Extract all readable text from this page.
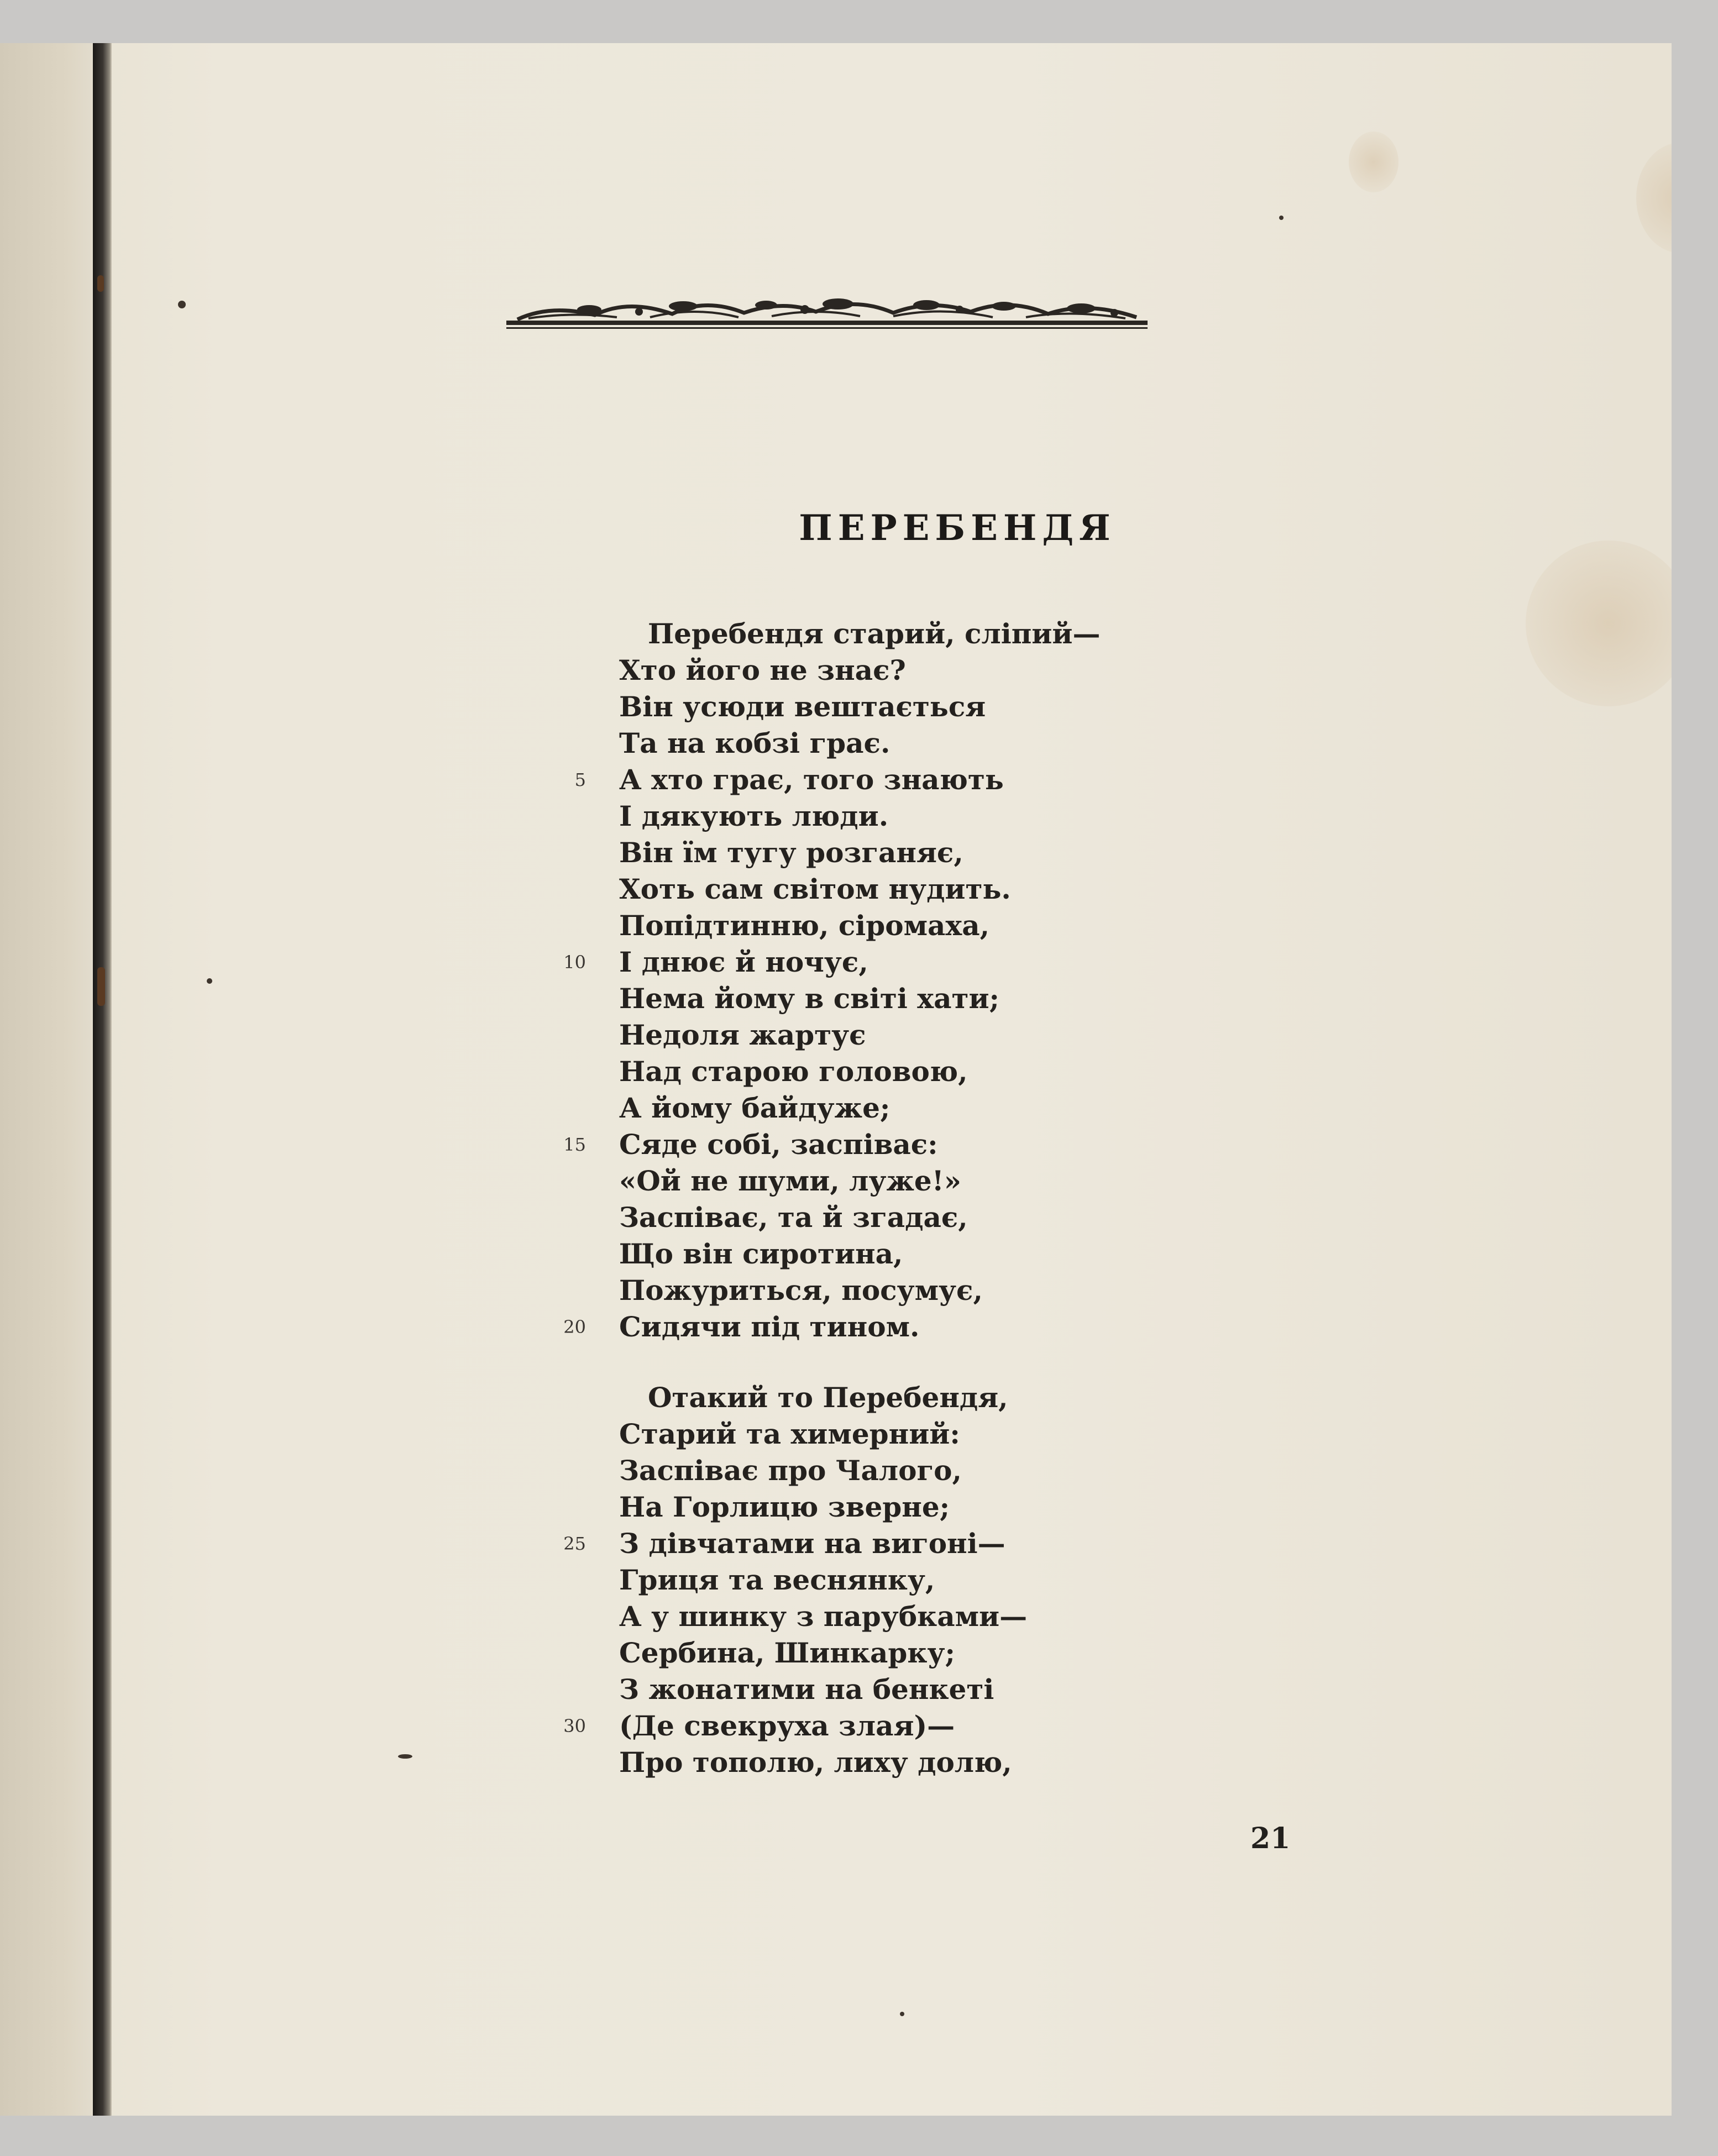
ПЕРЕБЕНДЯ
Перебендя старий, сліпий—
Хто його не знає?
Він усюди вештається
Та на кобзі грає.
А хто грає, того знають
5
І дякують люди.
Він їм тугу розганяє,
Хоть сам світом нудить.
Попідтинню, сіромаха,
І днює й ночує,
10
Нема йому в світі хати;
Недоля жартує
Над старою головою,
А йому байдуже;
Сяде собі, заспіває:
15
«Ой не шуми, луже!»
Заспіває, та й згадає,
Що він сиротина,
Пожуриться, посумує,
Сидячи під тином.
20
Отакий то Перебендя,
Старий та химерний:
Заспіває про Чалого,
На Горлицю зверне;
З дівчатами на вигоні—
25
Гриця та веснянку,
А у шинку з парубками—
Сербина, Шинкарку;
З жонатими на бенкеті
(Де свекруха злая)—
30
Про тополю, лиху долю,
21
